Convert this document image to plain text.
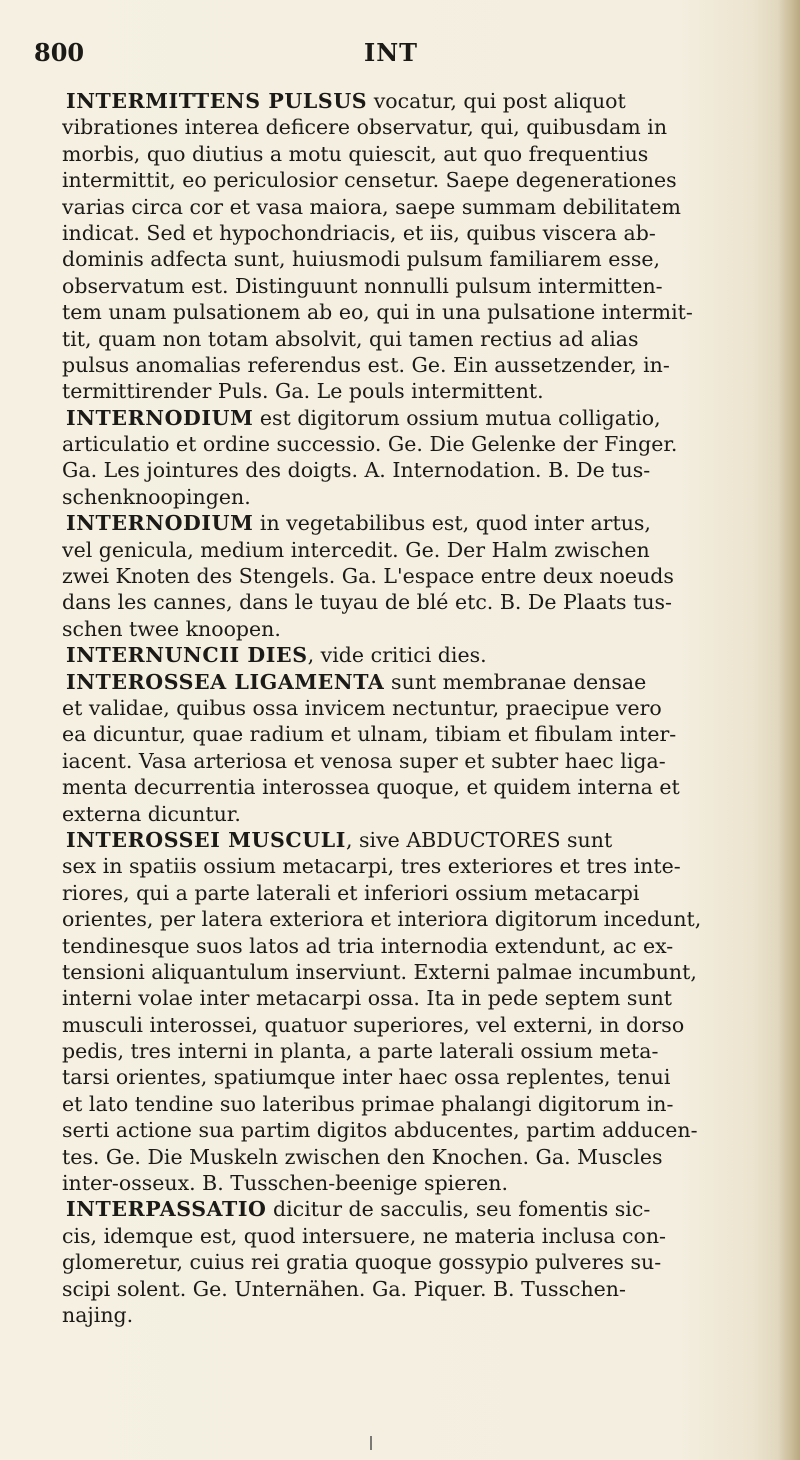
800	INT
INTERMITTENS PULSUS vocatur, qui post aliquot
vibrationes interea deficere observatur, qui, quibusdam in
morbis, quo diutius a motu quiescit, aut quo frequentius
intermittit, eo periculosior censetur. Saepe degenerationes
varias circa cor et vasa maiora, saepe summam debilitatem
indicat. Sed et hypochondriacis, et iis, quibus viscera ab-
dominis adfecta sunt, huiusmodi pulsum familiarem esse,
observatum est. Distinguunt nonnulli pulsum intermitten-
tem unam pulsationem ab eo, qui in una pulsatione intermit-
tit, quam non totam absolvit, qui tamen rectius ad alias
pulsus anomalias referendus est. Ge. Ein aussetzender, in-
termittirender Puls. Ga. Le pouls intermittent.
INTERNODIUM est digitorum ossium mutua colligatio,
articulatio et ordine successio. Ge. Die Gelenke der Finger.
Ga. Les jointures des doigts. A. Internodation. B. De tus-
schenknoopingen.
INTERNODIUM in vegetabilibus est, quod inter artus,
vel genicula, medium intercedit. Ge. Der Halm zwischen
zwei Knoten des Stengels. Ga. L'espace entre deux noeuds
dans les cannes, dans le tuyau de blé etc. B. De Plaats tus-
schen twee knoopen.
INTERNUNCII DIES, vide critici dies.
INTEROSSEA LIGAMENTA sunt membranae densae
et validae, quibus ossa invicem nectuntur, praecipue vero
ea dicuntur, quae radium et ulnam, tibiam et fibulam inter-
iacent. Vasa arteriosa et venosa super et subter haec liga-
menta decurrentia interossea quoque, et quidem interna et
externa dicuntur.
INTEROSSEI MUSCULI, sive ABDUCTORES sunt
sex in spatiis ossium metacarpi, tres exteriores et tres inte-
riores, qui a parte laterali et inferiori ossium metacarpi
orientes, per latera exteriora et interiora digitorum incedunt,
tendinesque suos latos ad tria internodia extendunt, ac ex-
tensioni aliquantulum inserviunt. Externi palmae incumbunt,
interni volae inter metacarpi ossa. Ita in pede septem sunt
musculi interossei, quatuor superiores, vel externi, in dorso
pedis, tres interni in planta, a parte laterali ossium meta-
tarsi orientes, spatiumque inter haec ossa replentes, tenui
et lato tendine suo lateribus primae phalangi digitorum in-
serti actione sua partim digitos abducentes, partim adducen-
tes. Ge. Die Muskeln zwischen den Knochen. Ga. Muscles
inter-osseux. B. Tusschen-beenige spieren.
INTERPASSATIO dicitur de sacculis, seu fomentis sic-
cis, idemque est, quod intersuere, ne materia inclusa con-
glomeretur, cuius rei gratia quoque gossypio pulveres su-
scipi solent. Ge. Unternähen. Ga. Piquer. B. Tusschen-
najing.
